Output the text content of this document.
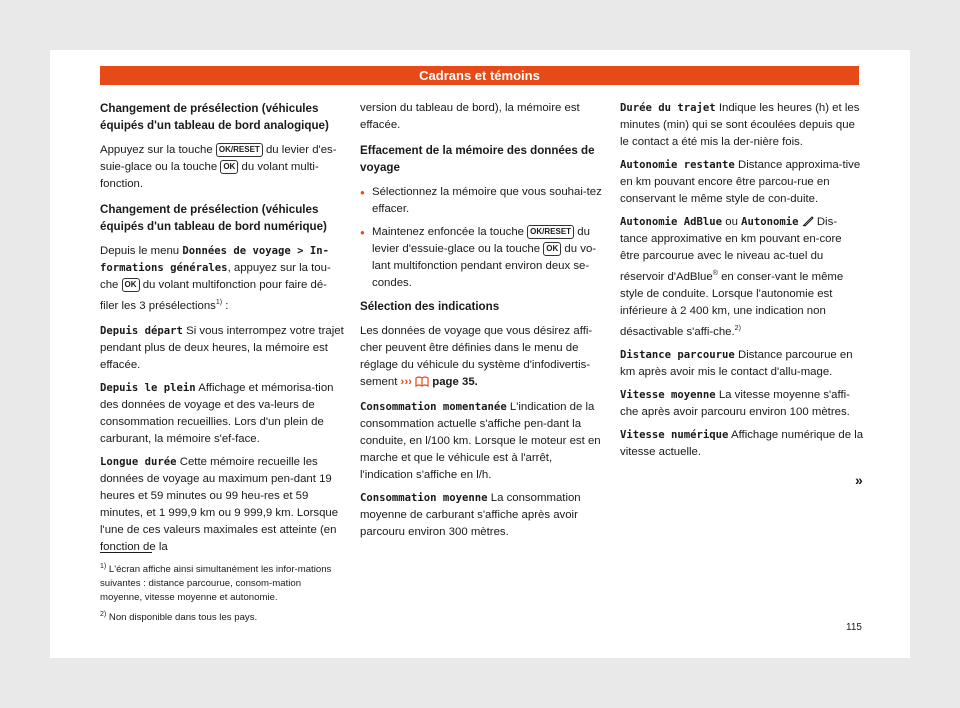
Cadrans et témoins
Changement de présélection (véhicules équipés d'un tableau de bord analogique)

Appuyez sur la touche OK/RESET du levier d'es-suie-glace ou la touche OK du volant multi-fonction.

Changement de présélection (véhicules équipés d'un tableau de bord numérique)

Depuis le menu Données de voyage > In-formations générales, appuyez sur la tou-che OK du volant multifonction pour faire dé-filer les 3 présélections$^{1)}$ :

Depuis départ Si vous interrompez votre trajet pendant plus de deux heures, la mémoire est effacée.
Depuis le plein Affichage et mémorisa-tion des données de voyage et des va-leurs de consommation recueillies. Lors d'un plein de carburant, la mémoire s'ef-face.
Longue durée Cette mémoire recueille les données de voyage au maximum pen-dant 19 heures et 59 minutes ou 99 heu-res et 59 minutes, et 1 999,9 km ou 9 999,9 km. Lorsque l'une de ces valeurs maximales est atteinte (en fonction de la

version du tableau de bord), la mémoire est effacée.

Effacement de la mémoire des données de voyage
● Sélectionnez la mémoire que vous souhai-tez effacer.
● Maintenez enfoncée la touche OK/RESET du levier d'essuie-glace ou la touche OK du vo-lant multifonction pendant environ deux se-condes.
Sélection des indications

Les données de voyage que vous désirez affi-cher peuvent être définies dans le menu de réglage du véhicule du système d'infodivertis-sement ››› page 35.

Consommation momentanée L'indication de la consommation actuelle s'affiche pen-dant la conduite, en l/100 km. Lorsque le moteur est en marche et que le véhicule est à l'arrêt, l'indication s'affiche en l/h.
Consommation moyenne La consommation moyenne de carburant s'affiche après avoir parcouru environ 300 mètres.
Durée du trajet Indique les heures (h) et les minutes (min) qui se sont écoulées depuis que le contact a été mis la der-nière fois.
Autonomie restante Distance approxima-tive en km pouvant encore être parcou-rue en conservant le même style de con-duite.
Autonomie AdBlue ou Autonomie Dis-tance approximative en km pouvant en-core être parcourue avec le niveau ac-tuel du réservoir d'AdBlue® en conser-vant le même style de conduite. Lorsque l'autonomie est inférieure à 2 400 km, une indication non désactivable s'affi-che.$^{2)}$
Distance parcourue Distance parcourue en km après avoir mis le contact d'allu-mage.
Vitesse moyenne La vitesse moyenne s'affi-che après avoir parcouru environ 100 mètres.
Vitesse numérique Affichage numérique de la vitesse actuelle.
»

$^{1)}$ L'écran affiche ainsi simultanément les infor-mations suivantes : distance parcourue, consom-mation moyenne, vitesse moyenne et autonomie.

$^{2)}$ Non disponible dans tous les pays.

115
